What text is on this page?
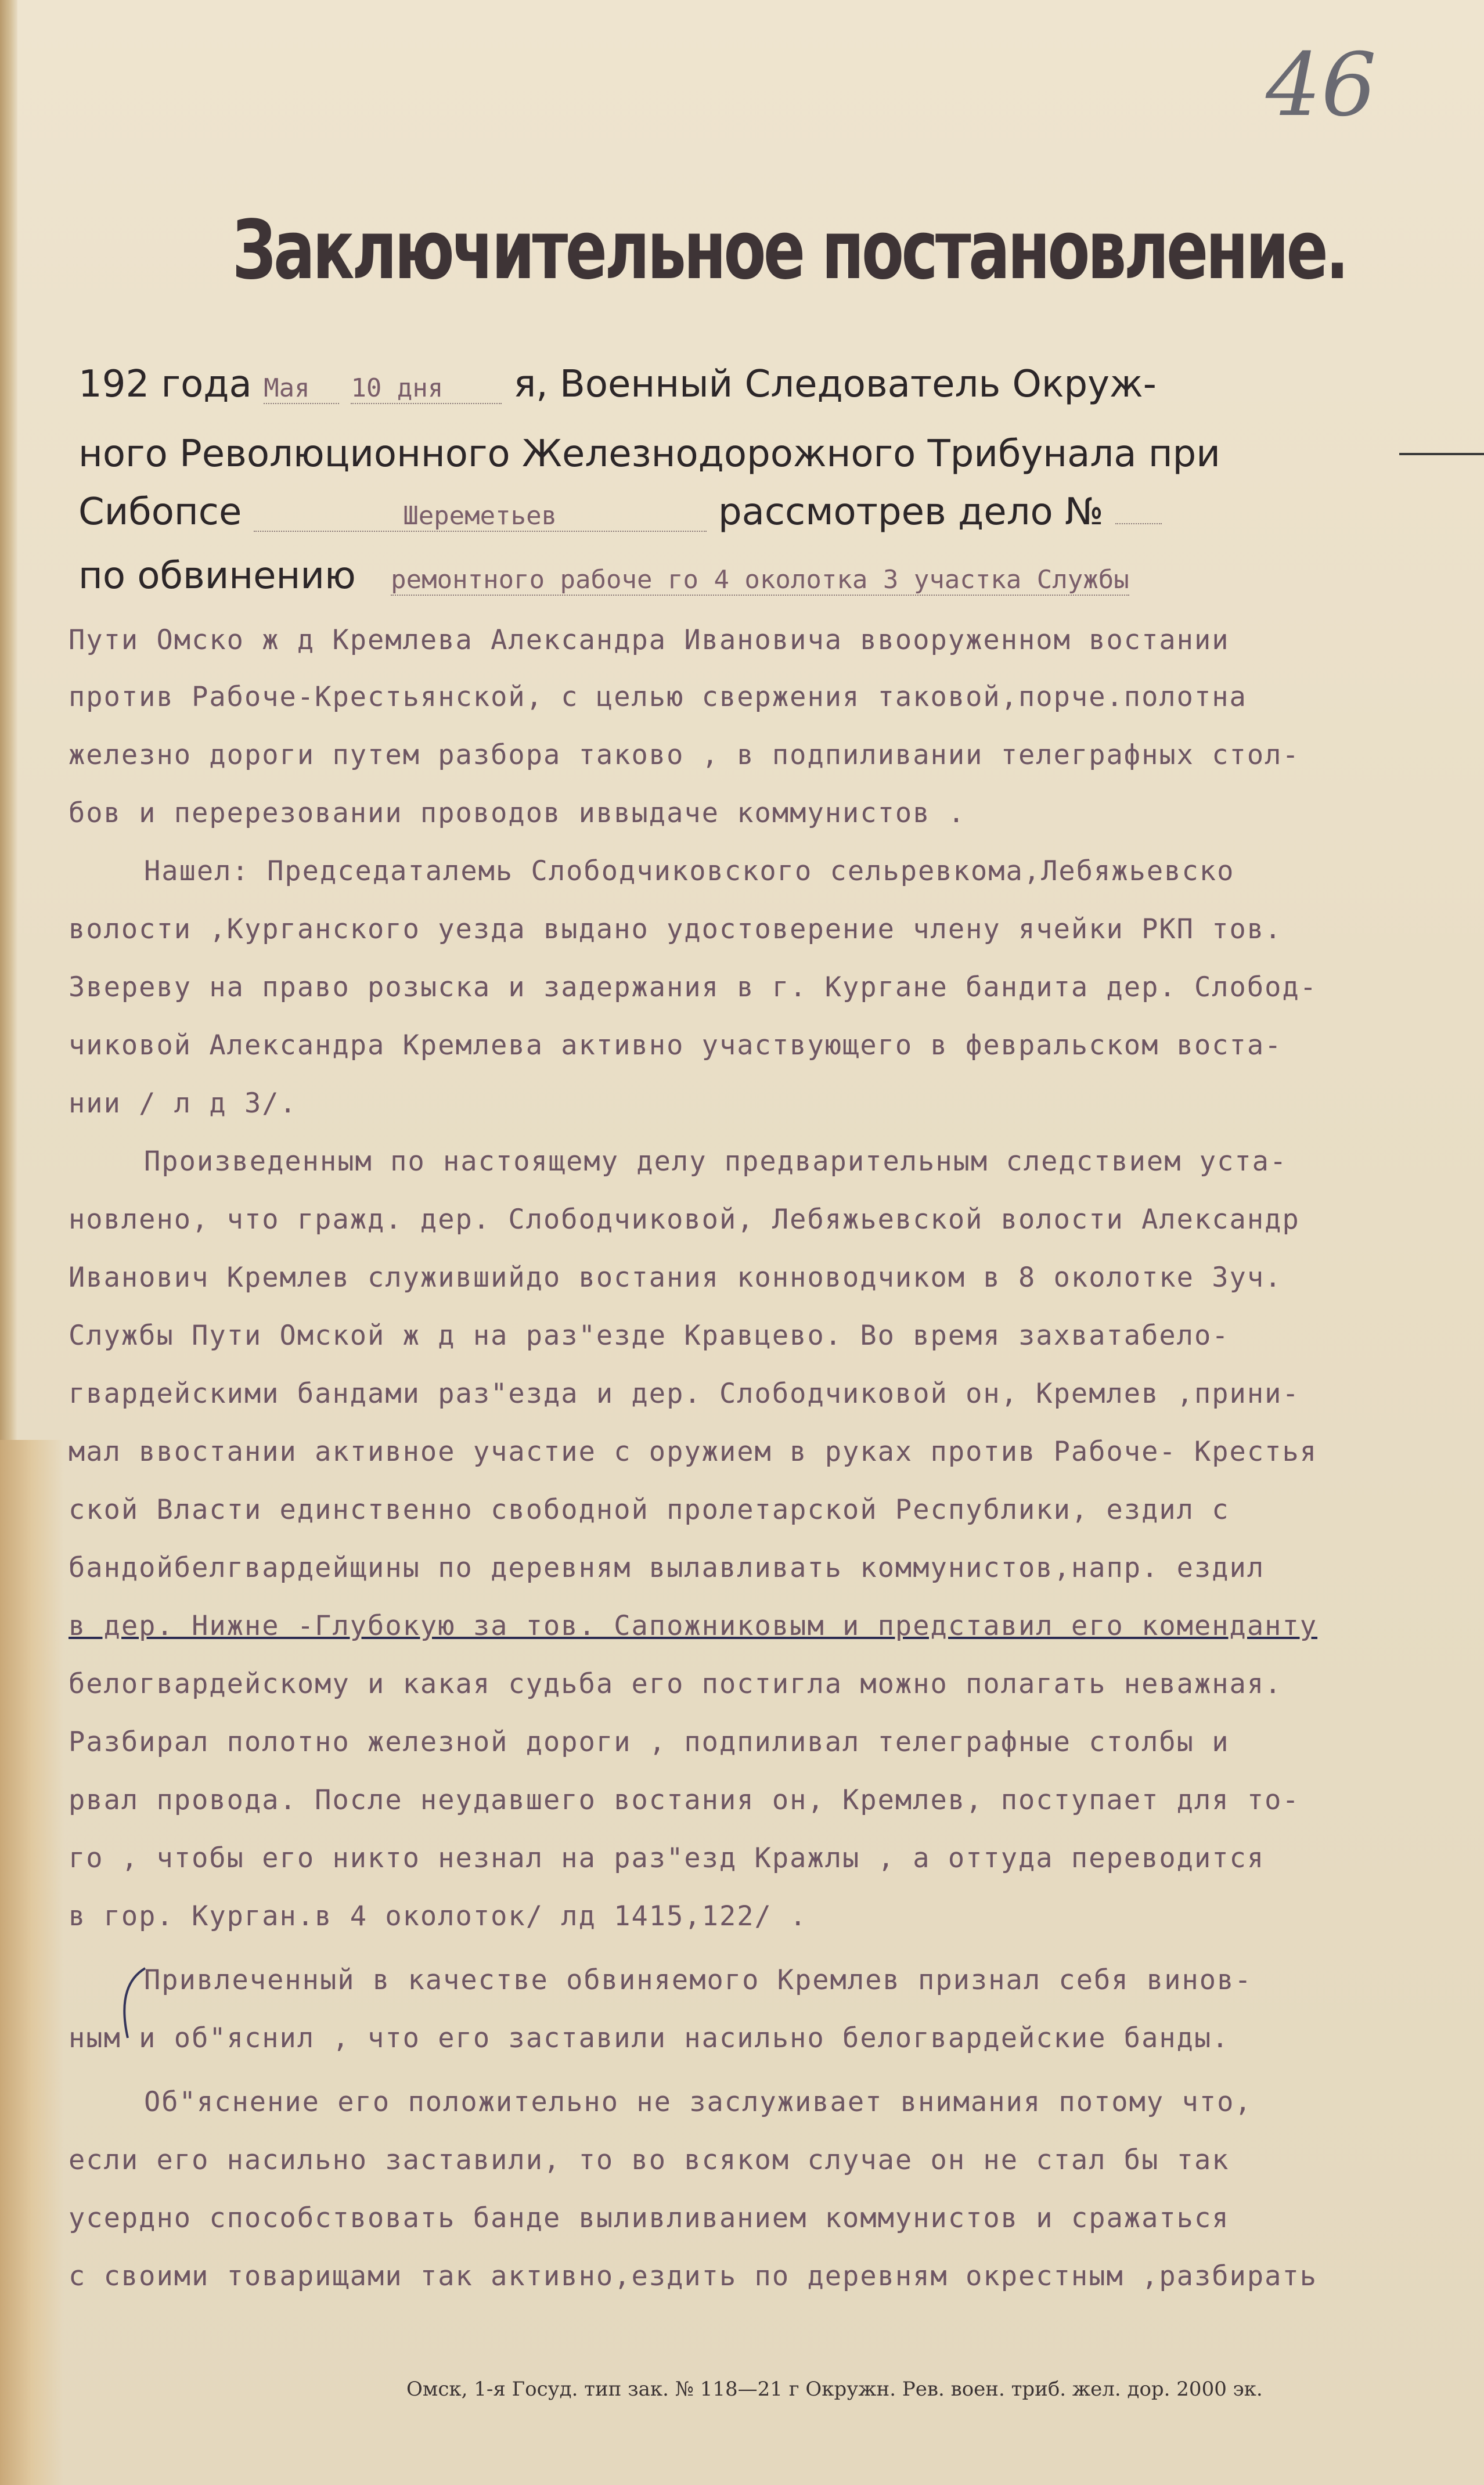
46
Заключительное постановление.
192 года Мая 10 дня я, Военный Следователь Окруж-
ного Революционного Железнодорожного Трибунала при
Сибопсе	Шереметьев	рассмотрев дело №
по обвинению ремонтного рабоче го 4 околотка 3 участка Службы
Пути Омско ж д Кремлева Александра Ивановича ввооруженном востании
против Рабоче-Крестьянской, с целью свержения таковой,порче.полотна
железно дороги путем разбора таково , в подпиливании телеграфных стол-
бов и перерезовании проводов иввыдаче коммунистов .
Нашел: Председаталемь Слободчиковского сельревкома,Лебяжьевско
волости ,Курганского уезда выдано удостоверение члену ячейки РКП тов.
Звереву на право розыска и задержания в г. Кургане бандита дер. Слобод-
чиковой Александра Кремлева активно участвующего в февральском воста-
нии / л д 3/.
Произведенным по настоящему делу предварительным следствием уста-
новлено, что гражд. дер. Слободчиковой, Лебяжьевской волости Александр
Иванович Кремлев служившийдо востания конноводчиком в 8 околотке 3уч.
Службы Пути Омской ж д на раз"езде Кравцево. Во время захватабело-
гвардейскими бандами раз"езда и дер. Слободчиковой он, Кремлев ,прини-
мал ввостании активное участие с оружием в руках против Рабоче- Крестья
ской Власти единственно свободной пролетарской Республики, ездил с
бандойбелгвардейщины по деревням вылавливать коммунистов,напр. ездил
в дер. Нижне -Глубокую за тов. Сапожниковым и представил его коменданту
белогвардейскому и какая судьба его постигла можно полагать неважная.
Разбирал полотно железной дороги , подпиливал телеграфные столбы и
рвал провода. После неудавшего востания он, Кремлев, поступает для то-
го , чтобы его никто незнал на раз"езд Кражлы , а оттуда переводится
в гор. Курган.в 4 околоток/ лд 1415,122/ .
Привлеченный в качестве обвиняемого Кремлев признал себя винов-
ным и об"яснил , что его заставили насильно белогвардейские банды.
Об"яснение его положительно не заслуживает внимания потому что,
если его насильно заставили, то во всяком случае он не стал бы так
усердно способствовать банде выливливанием коммунистов и сражаться
с своими товарищами так активно,ездить по деревням окрестным ,разбирать
Омск, 1-я Госуд. тип зак. № 118—21 г Окружн. Рев. воен. триб. жел. дор. 2000 эк.
